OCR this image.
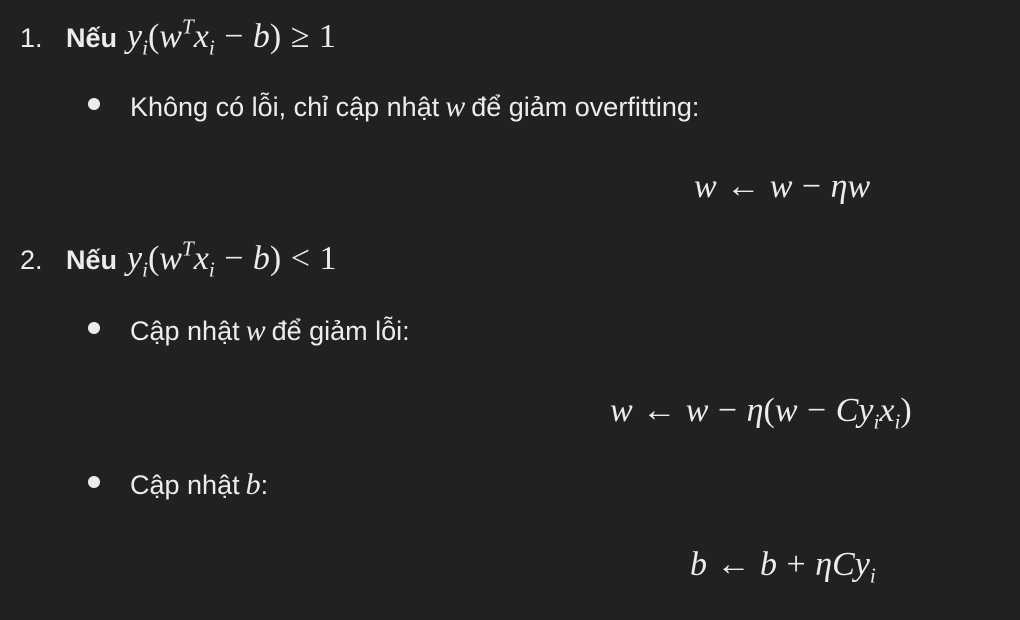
1. Nếu $y_i(w^Tx_i - b) \ge 1$
Không có lỗi, chỉ cập nhật w để giảm overfitting:
w ← w − ηw
2. Nếu $y_i(w^Tx_i - b) < 1$
Cập nhật w để giảm lỗi:
w ← $w - \eta(w - Cy_ix_i)$
Cập nhật b :
b ← b + ηCy$_i$
